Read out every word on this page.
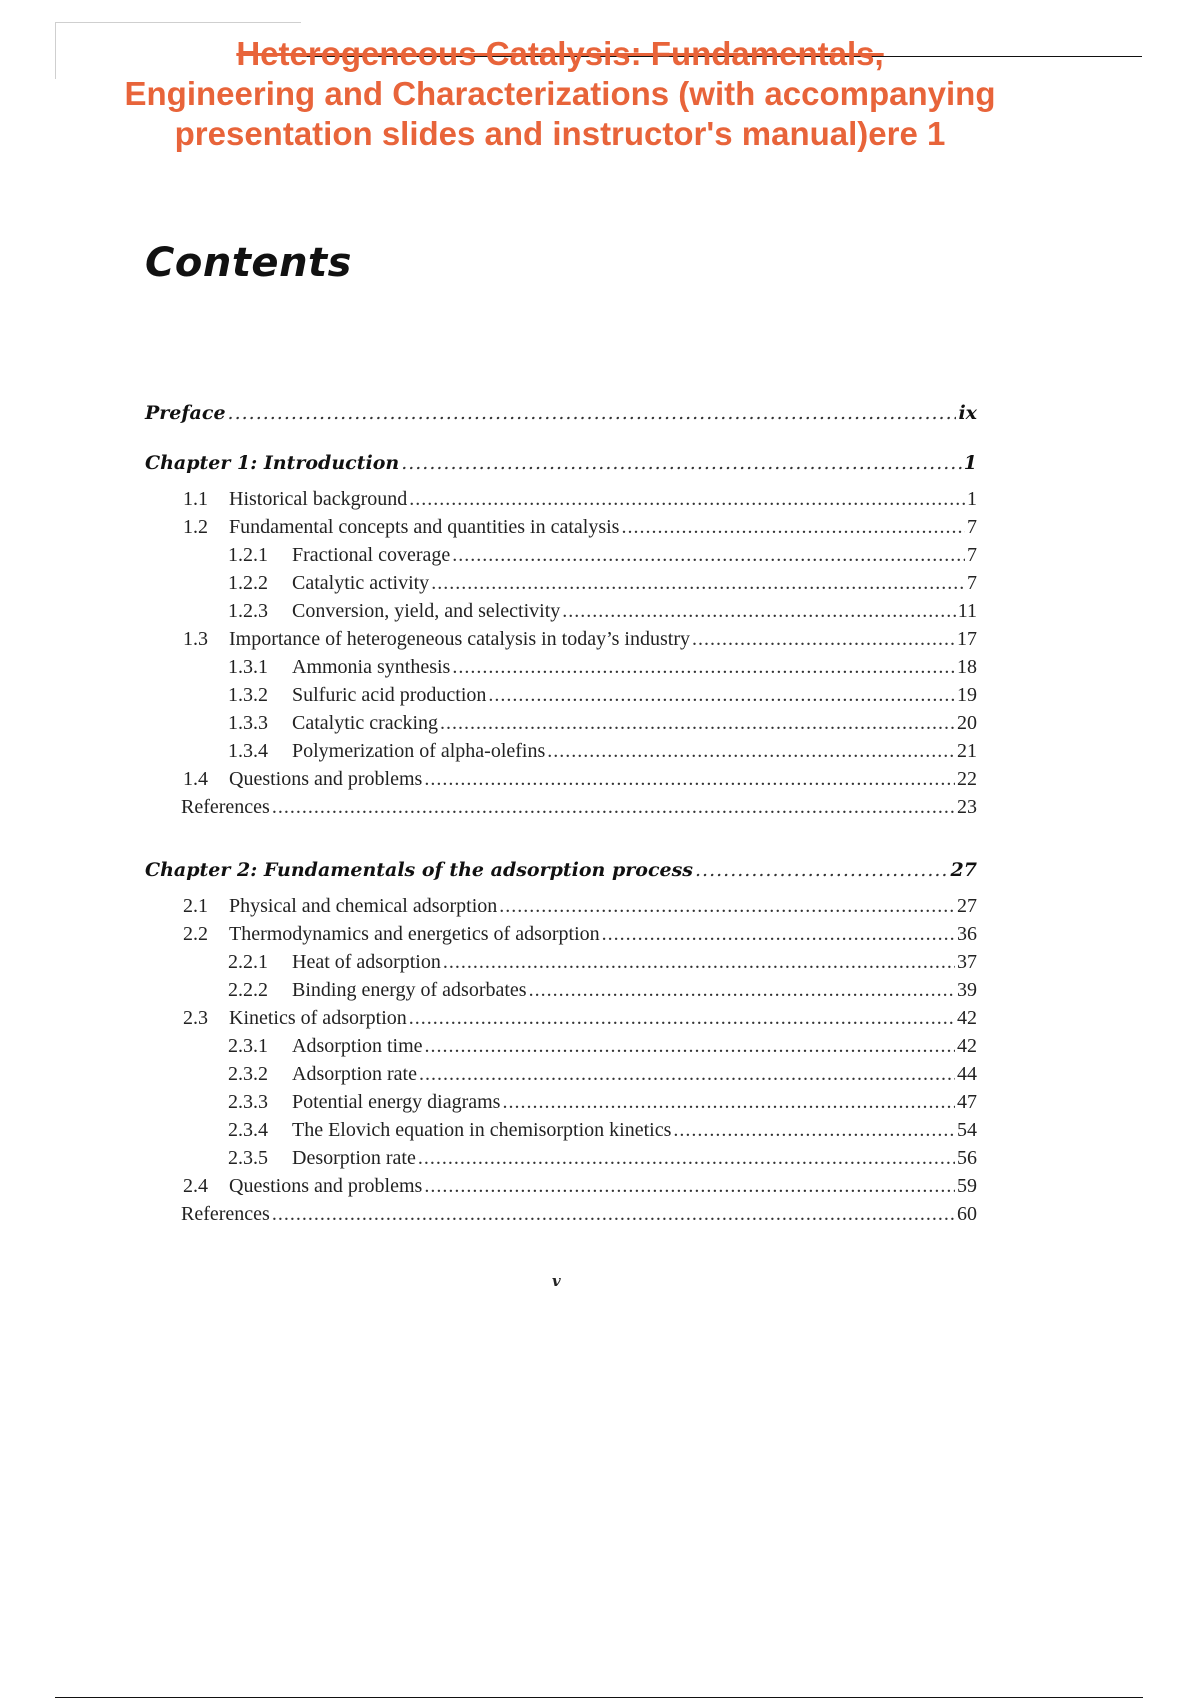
Heterogeneous Catalysis: Fundamentals,
Engineering and Characterizations (with accompanying
presentation slides and instructor's manual)ere 1
Contents
Preface .....	ix
Chapter 1: Introduction .....	1
1.1	Historical background .....	1
1.2	Fundamental concepts and quantities in catalysis .....	7
1.2.1	Fractional coverage .....	7
1.2.2	Catalytic activity .....	7
1.2.3	Conversion, yield, and selectivity .....	11
1.3	Importance of heterogeneous catalysis in today’s industry .....	17
1.3.1	Ammonia synthesis .....	18
1.3.2	Sulfuric acid production .....	19
1.3.3	Catalytic cracking .....	20
1.3.4	Polymerization of alpha-olefins .....	21
1.4	Questions and problems .....	22
References .....	23
Chapter 2: Fundamentals of the adsorption process .....	27
2.1	Physical and chemical adsorption .....	27
2.2	Thermodynamics and energetics of adsorption .....	36
2.2.1	Heat of adsorption .....	37
2.2.2	Binding energy of adsorbates .....	39
2.3	Kinetics of adsorption .....	42
2.3.1	Adsorption time .....	42
2.3.2	Adsorption rate .....	44
2.3.3	Potential energy diagrams .....	47
2.3.4	The Elovich equation in chemisorption kinetics .....	54
2.3.5	Desorption rate .....	56
2.4	Questions and problems .....	59
References .....	60
v
